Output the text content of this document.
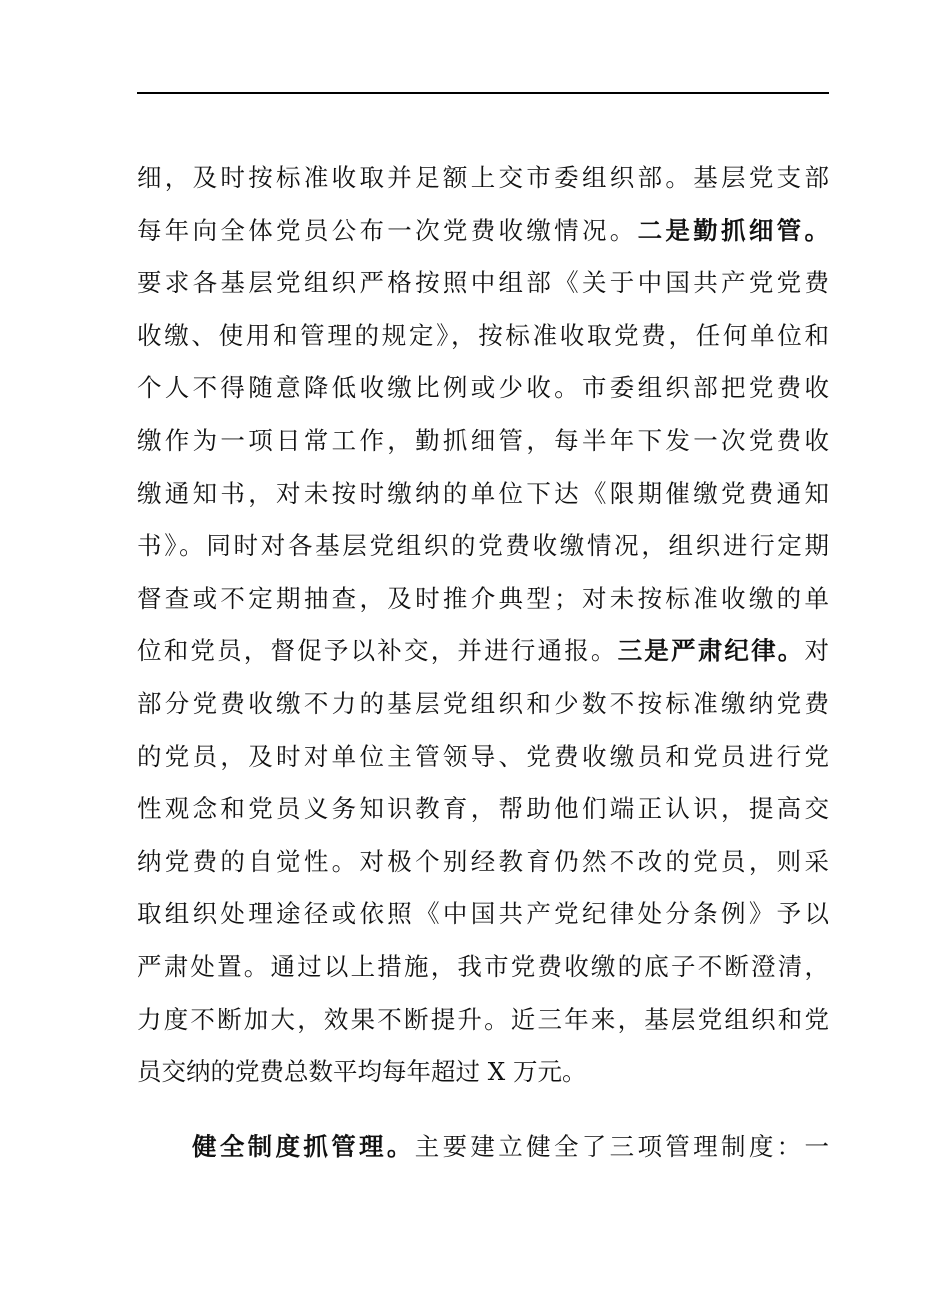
细，及时按标准收取并足额上交市委组织部。基层党支部
每年向全体党员公布一次党费收缴情况。二是勤抓细管。
要求各基层党组织严格按照中组部《关于中国共产党党费
收缴、使用和管理的规定》，按标准收取党费，任何单位和
个人不得随意降低收缴比例或少收。市委组织部把党费收
缴作为一项日常工作，勤抓细管，每半年下发一次党费收
缴通知书，对未按时缴纳的单位下达《限期催缴党费通知
书》。同时对各基层党组织的党费收缴情况，组织进行定期
督查或不定期抽查，及时推介典型；对未按标准收缴的单
位和党员，督促予以补交，并进行通报。三是严肃纪律。对
部分党费收缴不力的基层党组织和少数不按标准缴纳党费
的党员，及时对单位主管领导、党费收缴员和党员进行党
性观念和党员义务知识教育，帮助他们端正认识，提高交
纳党费的自觉性。对极个别经教育仍然不改的党员，则采
取组织处理途径或依照《中国共产党纪律处分条例》予以
严肃处置。通过以上措施，我市党费收缴的底子不断澄清，
力度不断加大，效果不断提升。近三年来，基层党组织和党
员交纳的党费总数平均每年超过 X 万元。
健全制度抓管理。主要建立健全了三项管理制度：一
